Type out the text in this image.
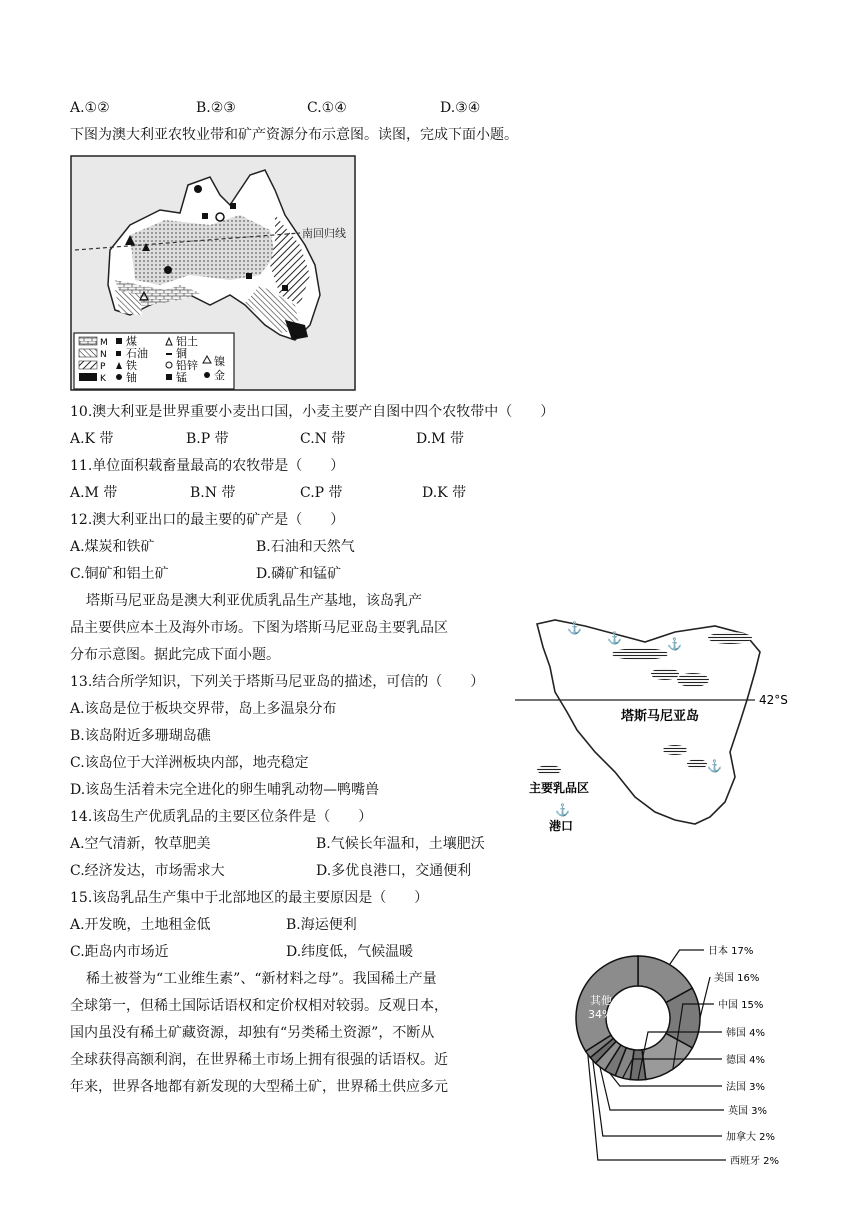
A.①②	B.②③	C.①④	D.③④
下图为澳大利亚农牧业带和矿产资源分布示意图。读图，完成下面小题。
南回归线
M
N
P
K
煤
石油
铁
铀
铝土
铜
铅锌
锰
镍
金
10.澳大利亚是世界重要小麦出口国，小麦主要产自图中四个农牧带中（　　）
A.K 带	B.P 带	C.N 带	D.M 带
11.单位面积载畜量最高的农牧带是（　　）
A.M 带	B.N 带	C.P 带	D.K 带
12.澳大利亚出口的最主要的矿产是（　　）
A.煤炭和铁矿	B.石油和天然气
C.铜矿和铝土矿	D.磷矿和锰矿
塔斯马尼亚岛是澳大利亚优质乳品生产基地，该岛乳产
品主要供应本土及海外市场。下图为塔斯马尼亚岛主要乳品区
分布示意图。据此完成下面小题。
⚓
⚓	⚓
⚓
42°S
塔斯马尼亚岛
主要乳品区
⚓
港口
13.结合所学知识，下列关于塔斯马尼亚岛的描述，可信的（　　）
A.该岛是位于板块交界带，岛上多温泉分布
B.该岛附近多珊瑚岛礁
C.该岛位于大洋洲板块内部，地壳稳定
D.该岛生活着未完全进化的卵生哺乳动物—鸭嘴兽
14.该岛生产优质乳品的主要区位条件是（　　）
A.空气清新，牧草肥美	B.气候长年温和，土壤肥沃
C.经济发达，市场需求大	D.多优良港口，交通便利
15.该岛乳品生产集中于北部地区的最主要原因是（　　）
A.开发晚，土地租金低	B.海运便利
C.距岛内市场近	D.纬度低，气候温暖
稀土被誉为“工业维生素”、“新材料之母”。我国稀土产量
全球第一，但稀土国际话语权和定价权相对较弱。反观日本，
国内虽没有稀土矿藏资源，却独有“另类稀土资源”，不断从
全球获得高额利润，在世界稀土市场上拥有很强的话语权。近
年来，世界各地都有新发现的大型稀土矿，世界稀土供应多元
日本 17%
美国 16%
中国 15%
韩国 4%
德国 4%
法国 3%
英国 3%
加拿大 2%
西班牙 2%
其他
34%
